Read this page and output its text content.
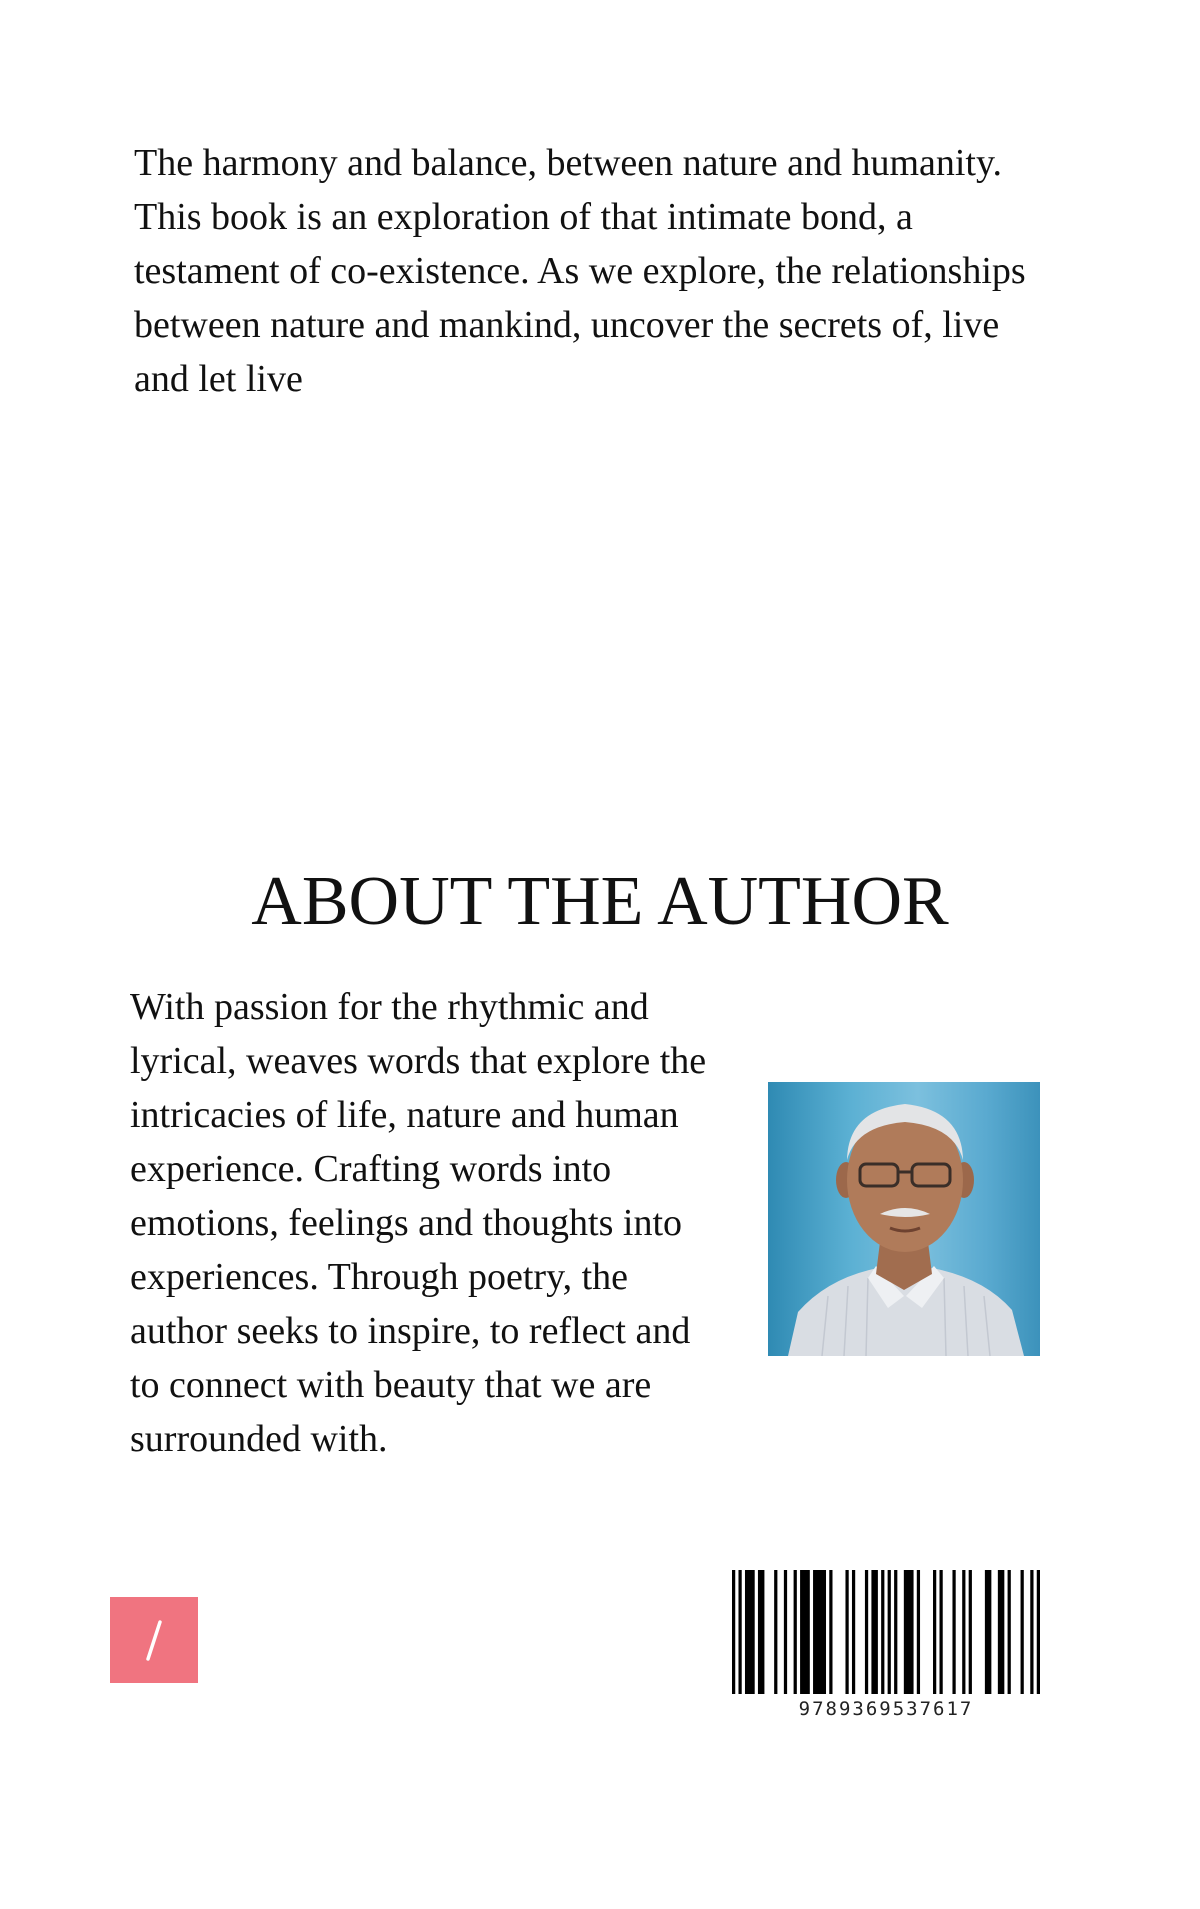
The harmony and balance, between nature and humanity. This book is an exploration of that intimate bond, a testament of co-existence. As we explore, the relationships between nature and mankind, uncover the secrets of, live and let live

ABOUT THE AUTHOR

With passion for the rhythmic and lyrical, weaves words that explore the intricacies of life, nature and human experience. Crafting words into emotions, feelings and thoughts into experiences. Through poetry, the author seeks to inspire, to reflect and to connect with beauty that we are surrounded with.

9789369537617
